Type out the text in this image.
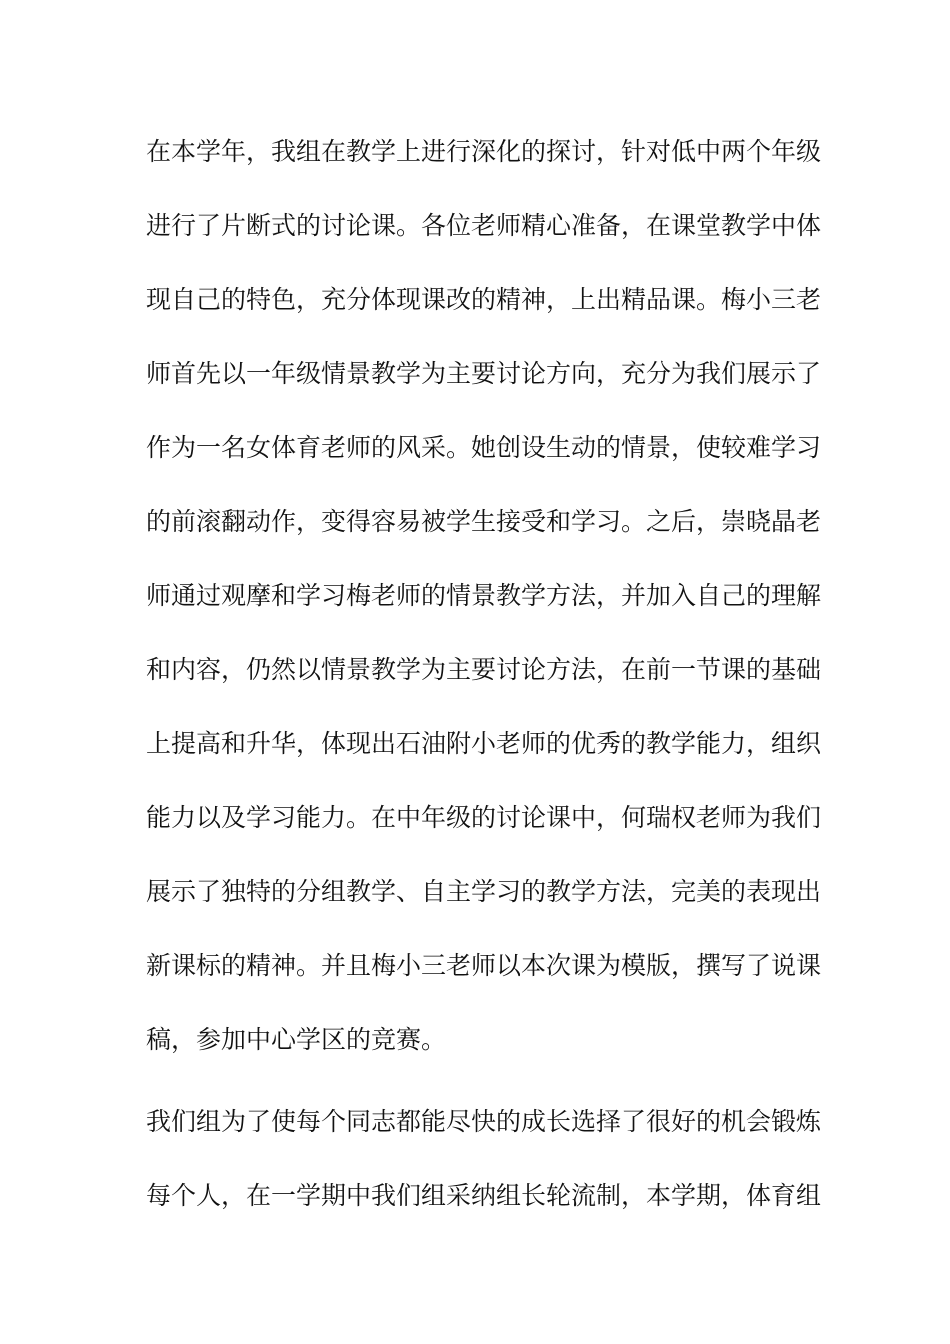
在本学年，我组在教学上进行深化的探讨，针对低中两个年级
进行了片断式的讨论课。各位老师精心准备，在课堂教学中体
现自己的特色，充分体现课改的精神，上出精品课。梅小三老
师首先以一年级情景教学为主要讨论方向，充分为我们展示了
作为一名女体育老师的风采。她创设生动的情景，使较难学习
的前滚翻动作，变得容易被学生接受和学习。之后，崇晓晶老
师通过观摩和学习梅老师的情景教学方法，并加入自己的理解
和内容，仍然以情景教学为主要讨论方法，在前一节课的基础
上提高和升华，体现出石油附小老师的优秀的教学能力，组织
能力以及学习能力。在中年级的讨论课中，何瑞权老师为我们
展示了独特的分组教学、自主学习的教学方法，完美的表现出
新课标的精神。并且梅小三老师以本次课为模版，撰写了说课
稿，参加中心学区的竞赛。
我们组为了使每个同志都能尽快的成长选择了很好的机会锻炼
每个人，在一学期中我们组采纳组长轮流制，本学期，体育组
